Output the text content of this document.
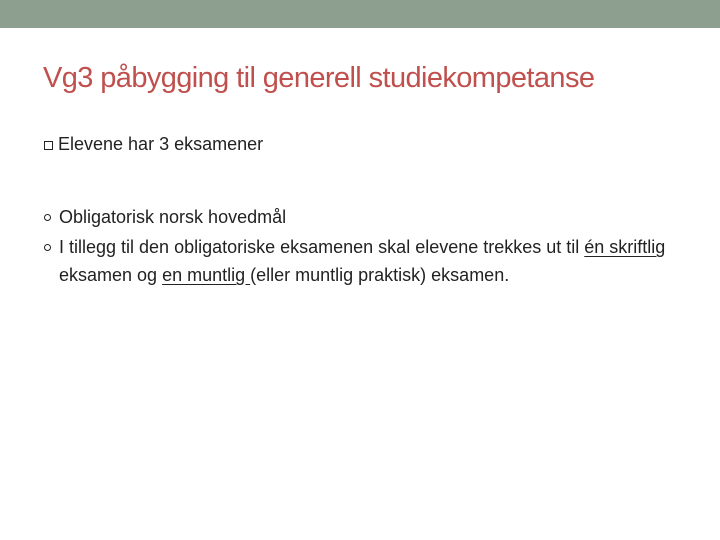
Vg3 påbygging til generell studiekompetanse
Elevene har 3 eksamener
Obligatorisk norsk hovedmål
I tillegg til den obligatoriske eksamenen skal elevene trekkes ut til én skriftlig eksamen og en muntlig (eller muntlig praktisk) eksamen.
